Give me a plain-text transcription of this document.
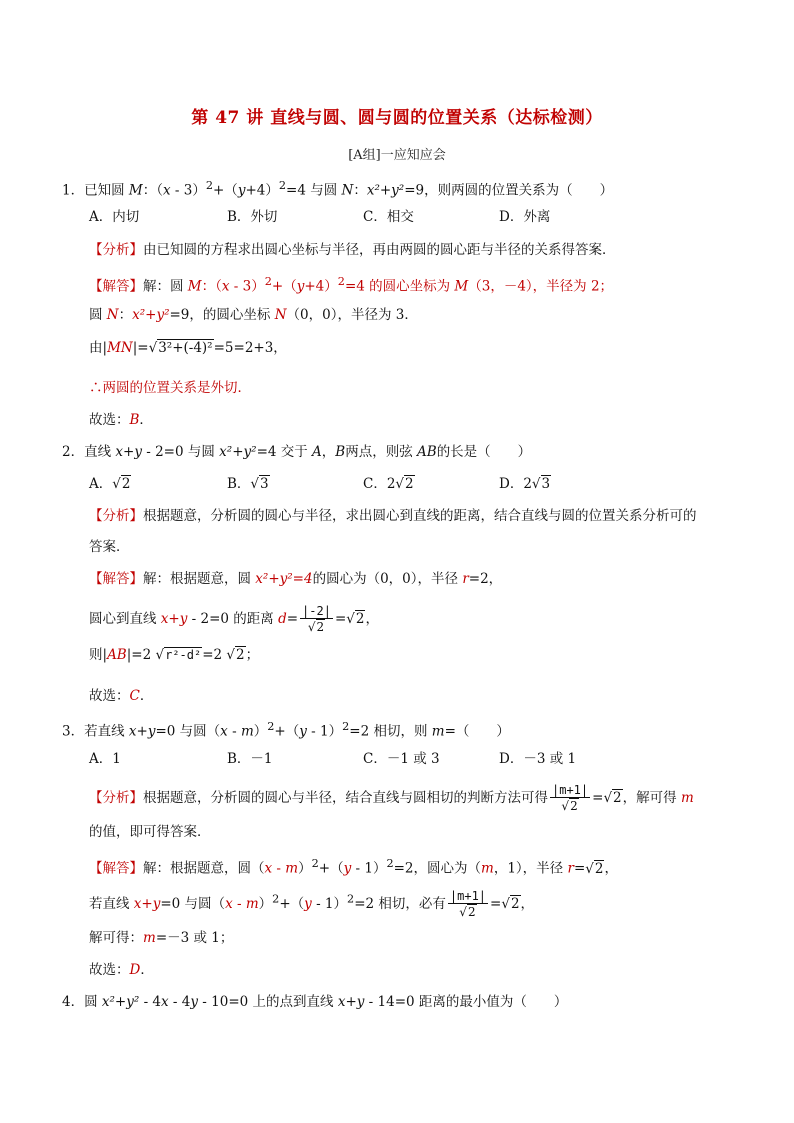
第 47 讲 直线与圆、圆与圆的位置关系（达标检测）
[A组]一应知应会
1．已知圆 M：$(x - 3)^2+(y+4)^2=4$ 与圆 N：x²+y²=9，则两圆的位置关系为（　　）
A．内切	B．外切	C．相交	D．外离
【分析】由已知圆的方程求出圆心坐标与半径，再由两圆的圆心距与半径的关系得答案．
【解答】解：圆 M：$(x - 3)^2+(y+4)^2=4$ 的圆心坐标为 M（3，－4），半径为 2；
圆 N：x²+y²=9，的圆心坐标 N（0，0），半径为 3．
由|MN|=√3²+(-4)²=5=2+3，
∴两圆的位置关系是外切．
故选：B．
2．直线 x+y - 2=0 与圆 x²+y²=4 交于 A，B两点，则弦 AB的长是（　　）
A．√2	B．√3	C．2√2	D．2√3
【分析】根据题意，分析圆的圆心与半径，求出圆心到直线的距离，结合直线与圆的位置关系分析可的
答案．
【解答】解：根据题意，圆 x²+y²=4的圆心为（0，0），半径 r=2，
圆心到直线 x+y - 2=0 的距离 $d= \frac{|-2|}{√2} =√2$，
则|AB|=2 √r²-d²=2 √2；
故选：C．
3．若直线 x+y=0 与圆（x - m）$^2$+（y - 1）$^2$=2 相切，则 m=（　　）
A．1	B．－1	C．－1 或 3	D．－3 或 1
【分析】根据题意，分析圆的圆心与半径，结合直线与圆相切的判断方法可得 $\frac{|m+1|}{√2} =√2$，解可得 m
的值，即可得答案．
【解答】解：根据题意，圆（x - m）$^2$+（y - 1）$^2$=2，圆心为（m，1），半径 r=√2，
若直线 x+y=0 与圆（x - m）$^2$+（y - 1）$^2$=2 相切，必有 $\frac{|m+1|}{√2} =√2$，
解可得：m=－3 或 1；
故选：D．
4．圆 x²+y² - 4x - 4y - 10=0 上的点到直线 x+y - 14=0 距离的最小值为（　　）
